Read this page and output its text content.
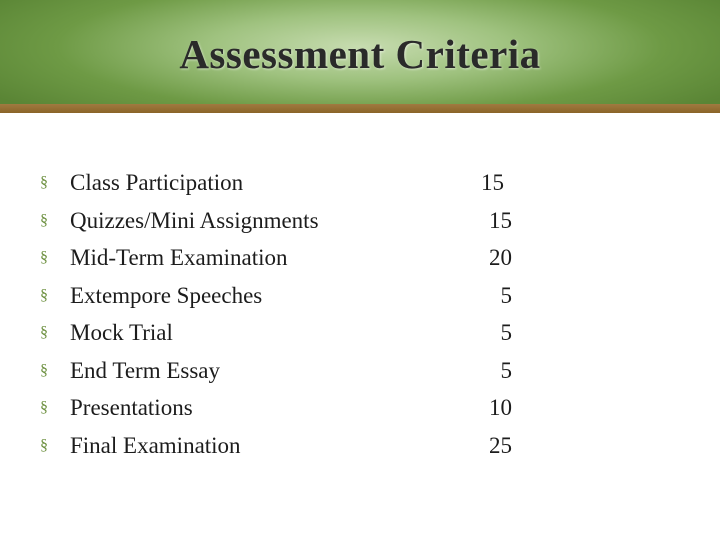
Assessment Criteria
§ Class Participation	15
§ Quizzes/Mini Assignments	15
§ Mid-Term Examination	20
§ Extempore Speeches	5
§ Mock Trial	5
§ End Term Essay	5
§ Presentations	10
§ Final Examination	25
